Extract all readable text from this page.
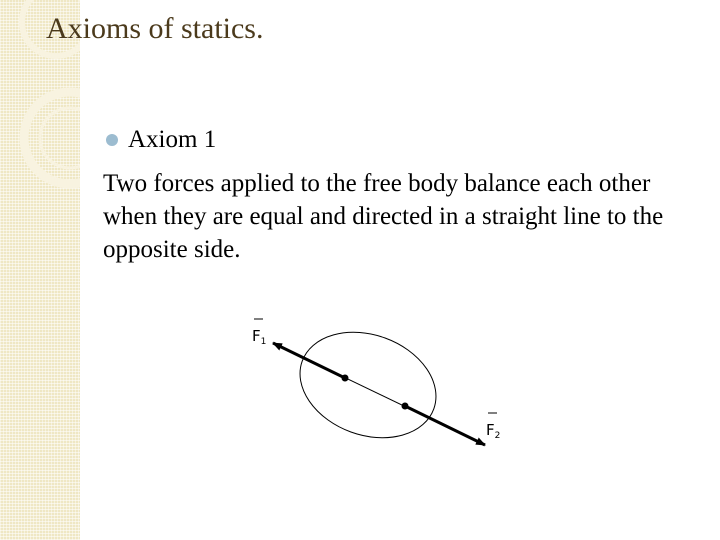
Axioms of statics.
Axiom 1

Two forces applied to the free body balance each other when they are equal and directed in a straight line to the opposite side.

$F_1$
$F_2$
